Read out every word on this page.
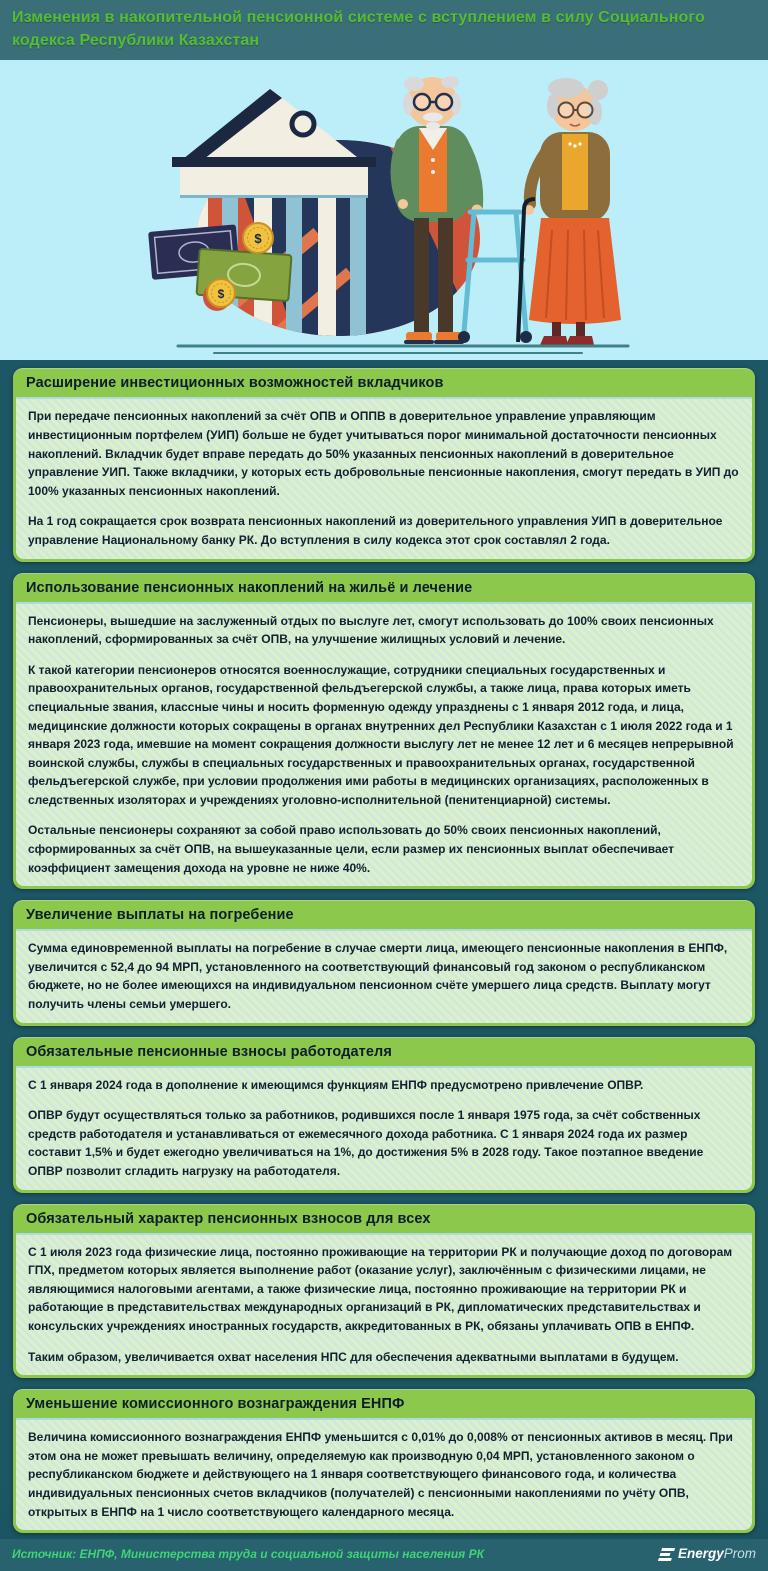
Изменения в накопительной пенсионной системе с вступлением в силу Социального кодекса Республики Казахстан
$
$
Расширение инвестиционных возможностей вкладчиков

При передаче пенсионных накоплений за счёт ОПВ и ОППВ в доверительное управление управляющим инвестиционным портфелем (УИП) больше не будет учитываться порог минимальной достаточности пенсионных накоплений. Вкладчик будет вправе передать до 50% указанных пенсионных накоплений в доверительное управление УИП. Также вкладчики, у которых есть добровольные пенсионные накопления, смогут передать в УИП до 100% указанных пенсионных накоплений.

На 1 год сокращается срок возврата пенсионных накоплений из доверительного управления УИП в доверительное управление Национальному банку РК. До вступления в силу кодекса этот срок составлял 2 года.

Использование пенсионных накоплений на жильё и лечение

Пенсионеры, вышедшие на заслуженный отдых по выслуге лет, смогут использовать до 100% своих пенсионных накоплений, сформированных за счёт ОПВ, на улучшение жилищных условий и лечение.

К такой категории пенсионеров относятся военнослужащие, сотрудники специальных государственных и правоохранительных органов, государственной фельдъегерской службы, а также лица, права которых иметь специальные звания, классные чины и носить форменную одежду упразднены с 1 января 2012 года, и лица, медицинские должности которых сокращены в органах внутренних дел Республики Казахстан с 1 июля 2022 года и 1 января 2023 года, имевшие на момент сокращения должности выслугу лет не менее 12 лет и 6 месяцев непрерывной воинской службы, службы в специальных государственных и правоохранительных органах, государственной фельдъегерской службе, при условии продолжения ими работы в медицинских организациях, расположенных в следственных изоляторах и учреждениях уголовно-исполнительной (пенитенциарной) системы.

Остальные пенсионеры сохраняют за собой право использовать до 50% своих пенсионных накоплений, сформированных за счёт ОПВ, на вышеуказанные цели, если размер их пенсионных выплат обеспечивает коэффициент замещения дохода на уровне не ниже 40%.

Увеличение выплаты на погребение

Сумма единовременной выплаты на погребение в случае смерти лица, имеющего пенсионные накопления в ЕНПФ, увеличится с 52,4 до 94 МРП, установленного на соответствующий финансовый год законом о республиканском бюджете, но не более имеющихся на индивидуальном пенсионном счёте умершего лица средств. Выплату могут получить члены семьи умершего.

Обязательные пенсионные взносы работодателя

С 1 января 2024 года в дополнение к имеющимся функциям ЕНПФ предусмотрено привлечение ОПВР.

ОПВР будут осуществляться только за работников, родившихся после 1 января 1975 года, за счёт собственных средств работодателя и устанавливаться от ежемесячного дохода работника. С 1 января 2024 года их размер составит 1,5% и будет ежегодно увеличиваться на 1%, до достижения 5% в 2028 году. Такое поэтапное введение ОПВР позволит сгладить нагрузку на работодателя.

Обязательный характер пенсионных взносов для всех

С 1 июля 2023 года физические лица, постоянно проживающие на территории РК и получающие доход по договорам ГПХ, предметом которых является выполнение работ (оказание услуг), заключённым с физическими лицами, не являющимися налоговыми агентами, а также физические лица, постоянно проживающие на территории РК и работающие в представительствах международных организаций в РК, дипломатических представительствах и консульских учреждениях иностранных государств, аккредитованных в РК, обязаны уплачивать ОПВ в ЕНПФ.

Таким образом, увеличивается охват населения НПС для обеспечения адекватными выплатами в будущем.

Уменьшение комиссионного вознаграждения ЕНПФ

Величина комиссионного вознаграждения ЕНПФ уменьшится с 0,01% до 0,008% от пенсионных активов в месяц. При этом она не может превышать величину, определяемую как производную 0,04 МРП, установленного законом о республиканском бюджете и действующего на 1 января соответствующего финансового года, и количества индивидуальных пенсионных счетов вкладчиков (получателей) с пенсионными накоплениями по учёту ОПВ, открытых в ЕНПФ на 1 число соответствующего календарного месяца.

Источник: ЕНПФ, Министерства труда и социальной защиты населения РК	EnergyProm
